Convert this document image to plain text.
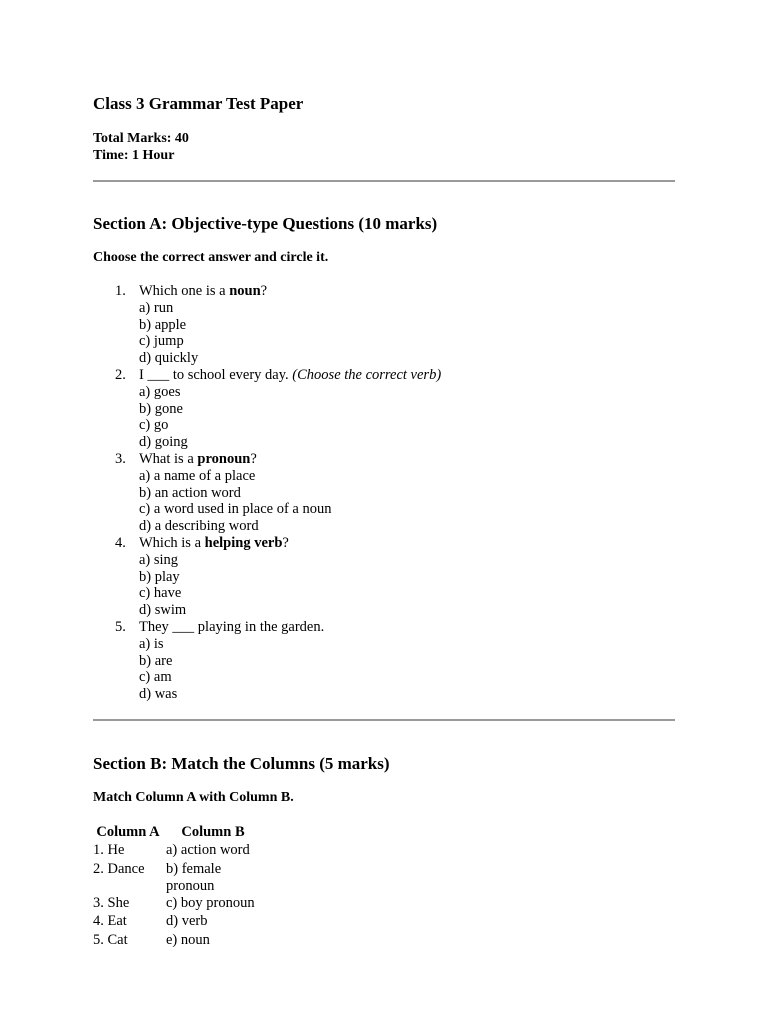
Class 3 Grammar Test Paper
Total Marks: 40
Time: 1 Hour
Section A: Objective-type Questions (10 marks)

Choose the correct answer and circle it.

1. Which one is a noun?
a) run
b) apple
c) jump
d) quickly
2. I ___ to school every day. (Choose the correct verb)
a) goes
b) gone
c) go
d) going
3. What is a pronoun?
a) a name of a place
b) an action word
c) a word used in place of a noun
d) a describing word
4. Which is a helping verb?
a) sing
b) play
c) have
d) swim
5. They ___ playing in the garden.
a) is
b) are
c) am
d) was
Section B: Match the Columns (5 marks)

Match Column A with Column B.

Column A	Column B
1. He	a) action word
2. Dance	b) female pronoun
3. She	c) boy pronoun
4. Eat	d) verb
5. Cat	e) noun
